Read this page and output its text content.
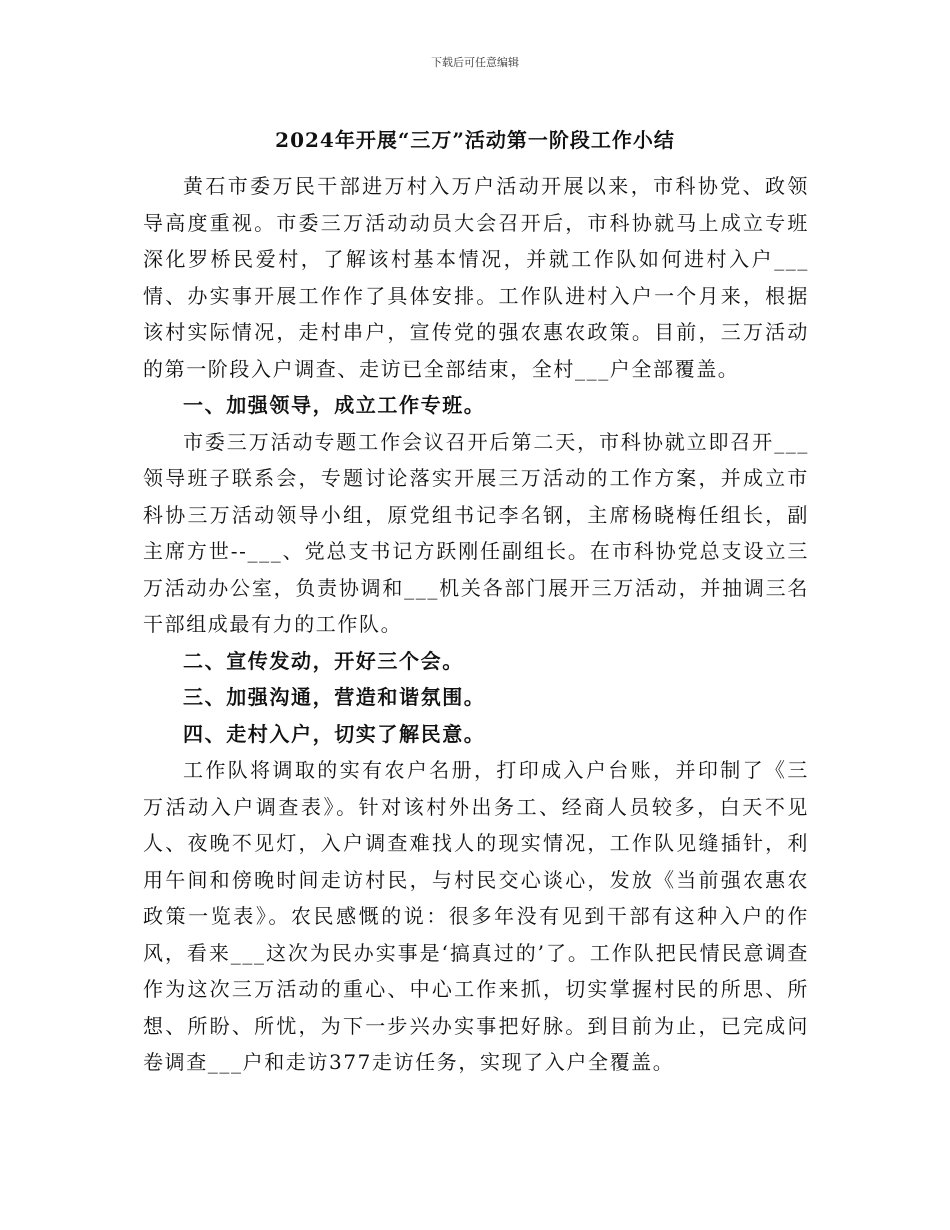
下载后可任意编辑
2024年开展“三万”活动第一阶段工作小结

黄石市委万民干部进万村入万户活动开展以来，市科协党、政领导高度重视。市委三万活动动员大会召开后，市科协就马上成立专班深化罗桥民爱村，了解该村基本情况，并就工作队如何进村入户___情、办实事开展工作作了具体安排。工作队进村入户一个月来，根据该村实际情况，走村串户，宣传党的强农惠农政策。目前，三万活动的第一阶段入户调查、走访已全部结束，全村___户全部覆盖。

一、加强领导，成立工作专班。

市委三万活动专题工作会议召开后第二天，市科协就立即召开___领导班子联系会，专题讨论落实开展三万活动的工作方案，并成立市科协三万活动领导小组，原党组书记李名钢，主席杨晓梅任组长，副主席方世--___、党总支书记方跃刚任副组长。在市科协党总支设立三万活动办公室，负责协调和___机关各部门展开三万活动，并抽调三名干部组成最有力的工作队。

二、宣传发动，开好三个会。

三、加强沟通，营造和谐氛围。

四、走村入户，切实了解民意。

工作队将调取的实有农户名册，打印成入户台账，并印制了《三万活动入户调查表》。针对该村外出务工、经商人员较多，白天不见人、夜晚不见灯，入户调查难找人的现实情况，工作队见缝插针，利用午间和傍晚时间走访村民，与村民交心谈心，发放《当前强农惠农政策一览表》。农民感慨的说：很多年没有见到干部有这种入户的作风，看来___这次为民办实事是‘搞真过的’了。工作队把民情民意调查作为这次三万活动的重心、中心工作来抓，切实掌握村民的所思、所想、所盼、所忧，为下一步兴办实事把好脉。到目前为止，已完成问卷调查___户和走访377走访任务，实现了入户全覆盖。
